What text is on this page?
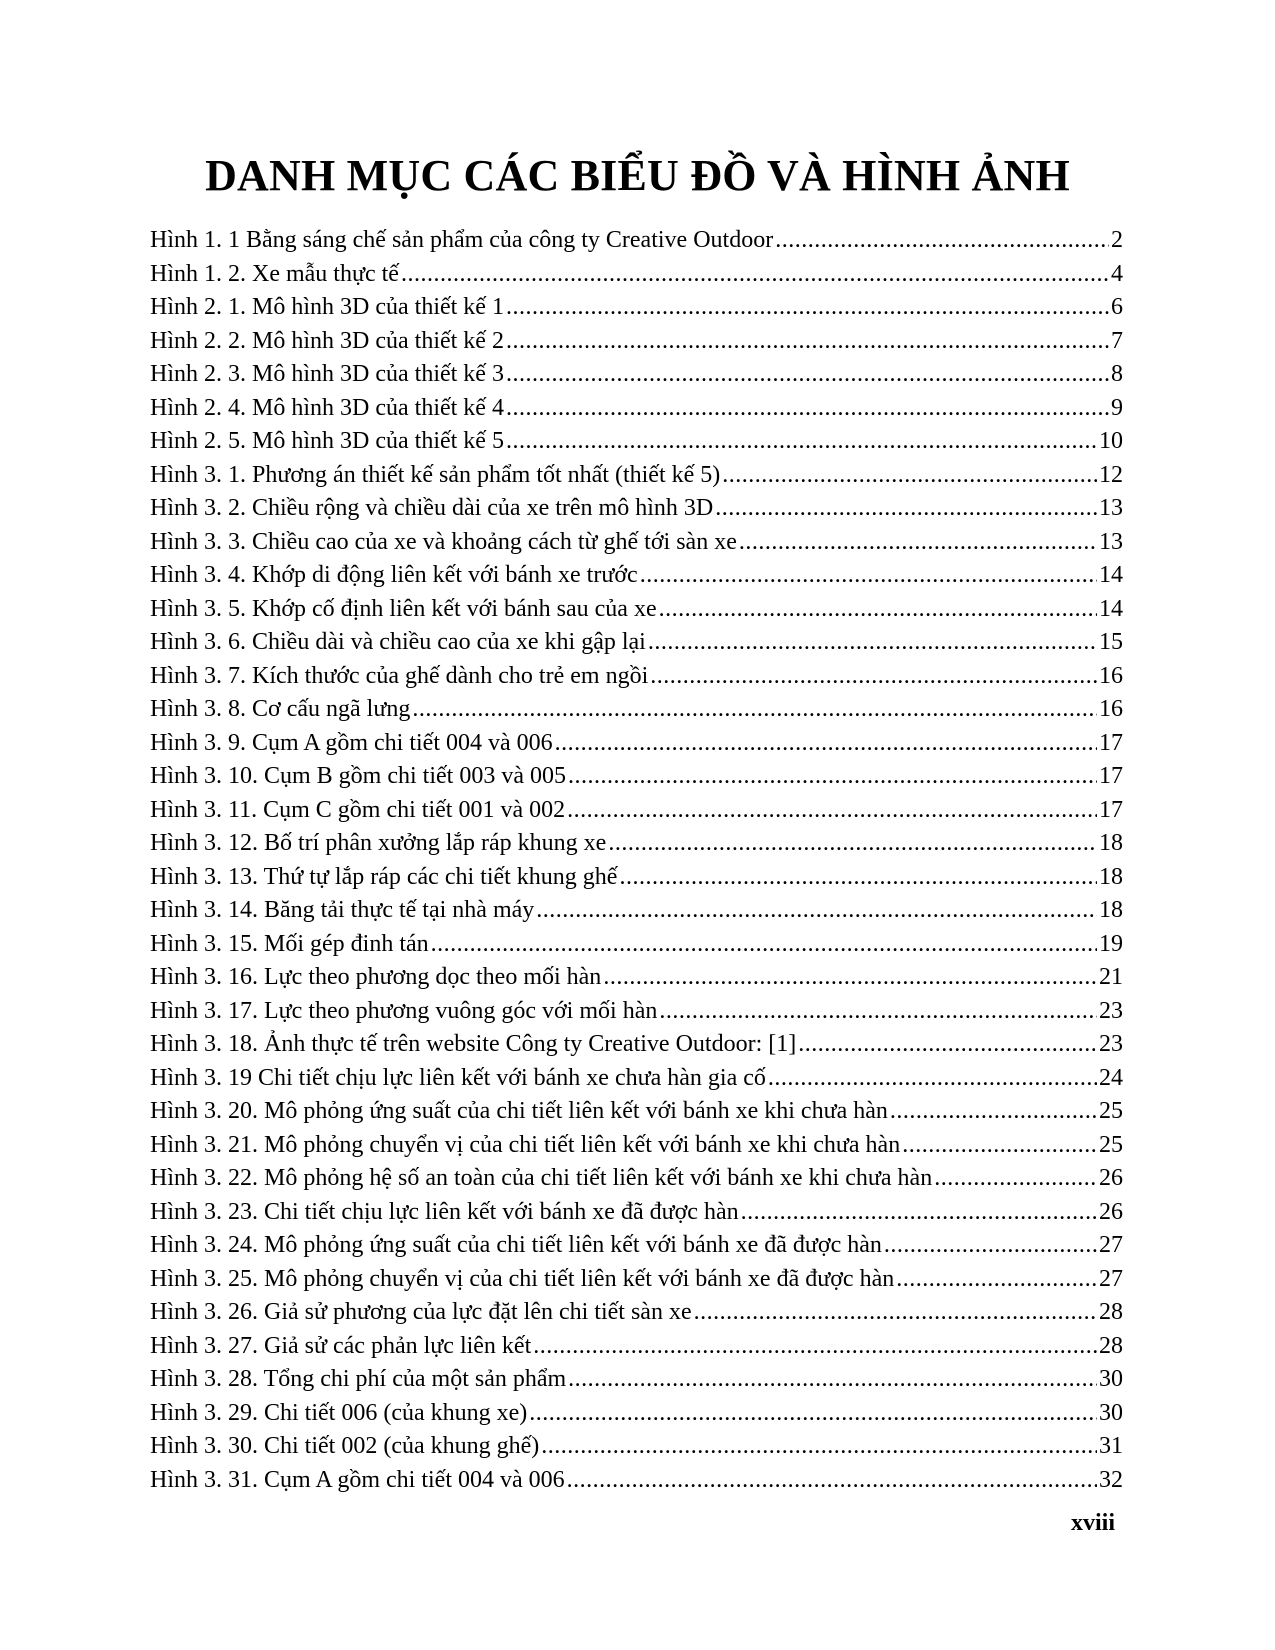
DANH MỤC CÁC BIỂU ĐỒ VÀ HÌNH ẢNH
Hình 1. 1 Bằng sáng chế sản phẩm của công ty Creative Outdoor .....	2
Hình 1. 2. Xe mẫu thực tế .....	4
Hình 2. 1. Mô hình 3D của thiết kế 1 .....	6
Hình 2. 2. Mô hình 3D của thiết kế 2 .....	7
Hình 2. 3. Mô hình 3D của thiết kế 3 .....	8
Hình 2. 4. Mô hình 3D của thiết kế 4 .....	9
Hình 2. 5. Mô hình 3D của thiết kế 5 .....	10
Hình 3. 1. Phương án thiết kế sản phẩm tốt nhất (thiết kế 5) .....	12
Hình 3. 2. Chiều rộng và chiều dài của xe trên mô hình 3D .....	13
Hình 3. 3. Chiều cao của xe và khoảng cách từ ghế tới sàn xe .....	13
Hình 3. 4. Khớp di động liên kết với bánh xe trước .....	14
Hình 3. 5. Khớp cố định liên kết với bánh sau của xe .....	14
Hình 3. 6. Chiều dài và chiều cao của xe khi gập lại .....	15
Hình 3. 7. Kích thước của ghế dành cho trẻ em ngồi .....	16
Hình 3. 8. Cơ cấu ngã lưng .....	16
Hình 3. 9. Cụm A gồm chi tiết 004 và 006 .....	17
Hình 3. 10. Cụm B gồm chi tiết 003 và 005 .....	17
Hình 3. 11. Cụm C gồm chi tiết 001 và 002 .....	17
Hình 3. 12. Bố trí phân xưởng lắp ráp khung xe .....	18
Hình 3. 13. Thứ tự lắp ráp các chi tiết khung ghế .....	18
Hình 3. 14. Băng tải thực tế tại nhà máy .....	18
Hình 3. 15. Mối gép đinh tán .....	19
Hình 3. 16. Lực theo phương dọc theo mối hàn .....	21
Hình 3. 17. Lực theo phương vuông góc với mối hàn .....	23
Hình 3. 18. Ảnh thực tế trên website Công ty Creative Outdoor: [1] .....	23
Hình 3. 19 Chi tiết chịu lực liên kết với bánh xe chưa hàn gia cố .....	24
Hình 3. 20. Mô phỏng ứng suất của chi tiết liên kết với bánh xe khi chưa hàn .....	25
Hình 3. 21. Mô phỏng chuyển vị của chi tiết liên kết với bánh xe khi chưa hàn .....	25
Hình 3. 22. Mô phỏng hệ số an toàn của chi tiết liên kết với bánh xe khi chưa hàn .....	26
Hình 3. 23. Chi tiết chịu lực liên kết với bánh xe đã được hàn .....	26
Hình 3. 24. Mô phỏng ứng suất của chi tiết liên kết với bánh xe đã được hàn .....	27
Hình 3. 25. Mô phỏng chuyển vị của chi tiết liên kết với bánh xe đã được hàn .....	27
Hình 3. 26. Giả sử phương của lực đặt lên chi tiết sàn xe .....	28
Hình 3. 27. Giả sử các phản lực liên kết .....	28
Hình 3. 28. Tổng chi phí của một sản phẩm .....	30
Hình 3. 29. Chi tiết 006 (của khung xe) .....	30
Hình 3. 30. Chi tiết 002 (của khung ghế) .....	31
Hình 3. 31. Cụm A gồm chi tiết 004 và 006 .....	32
xviii
